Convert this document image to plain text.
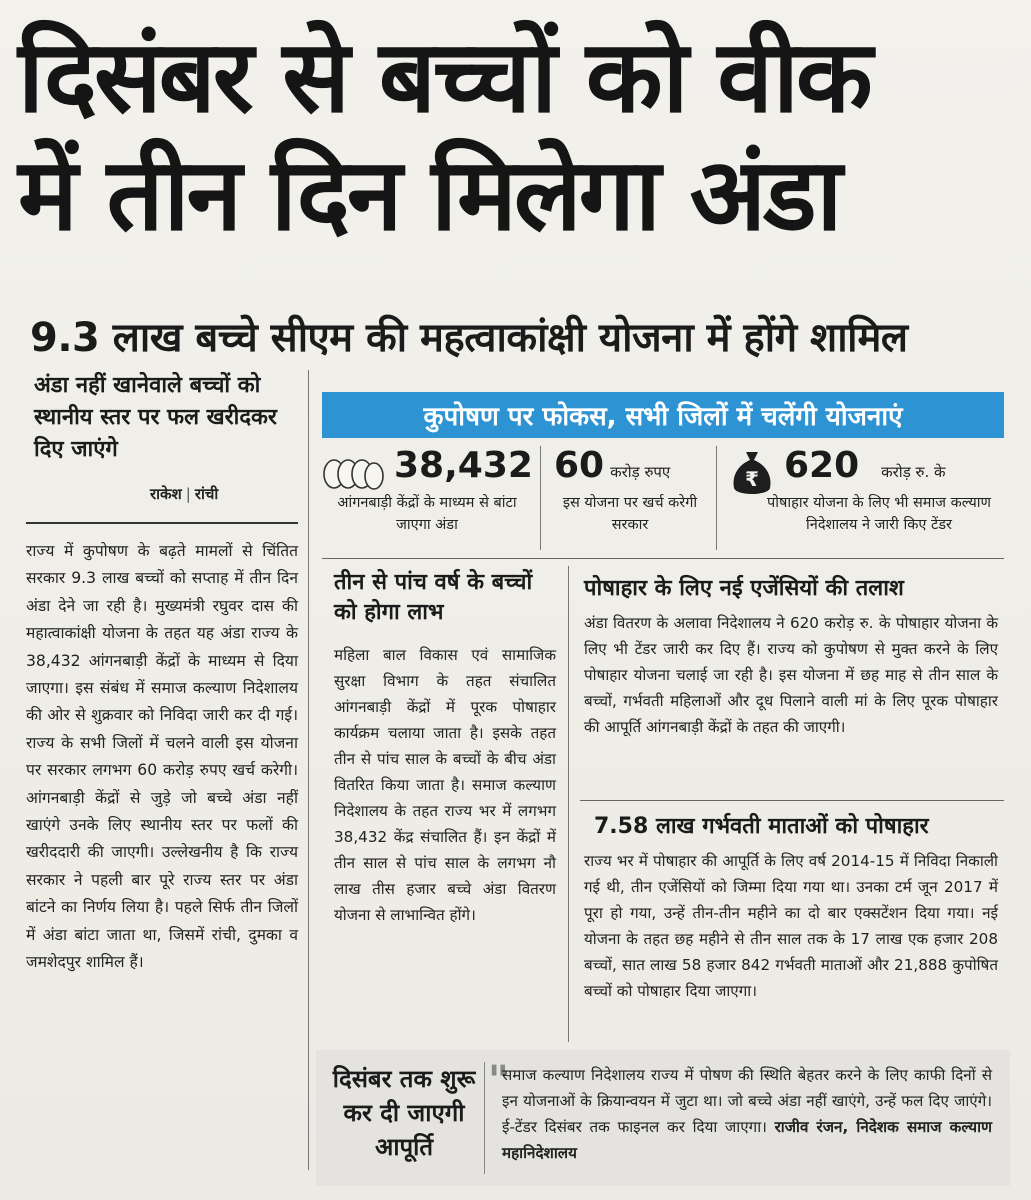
दिसंबर से बच्चों को वीक
में तीन दिन मिलेगा अंडा
9.3 लाख बच्चे सीएम की महत्वाकांक्षी योजना में होंगे शामिल
अंडा नहीं खानेवाले बच्चों को स्थानीय स्तर पर फल खरीदकर दिए जाएंगे
राकेश | रांची
राज्य में कुपोषण के बढ़ते मामलों से चिंतित सरकार 9.3 लाख बच्चों को सप्ताह में तीन दिन अंडा देने जा रही है। मुख्यमंत्री रघुवर दास की महात्वाकांक्षी योजना के तहत यह अंडा राज्य के 38,432 आंगनबाड़ी केंद्रों के माध्यम से दिया जाएगा। इस संबंध में समाज कल्याण निदेशालय की ओर से शुक्रवार को निविदा जारी कर दी गई। राज्य के सभी जिलों में चलने वाली इस योजना पर सरकार लगभग 60 करोड़ रुपए खर्च करेगी। आंगनबाड़ी केंद्रों से जुड़े जो बच्चे अंडा नहीं खाएंगे उनके लिए स्थानीय स्तर पर फलों की खरीददारी की जाएगी। उल्लेखनीय है कि राज्य सरकार ने पहली बार पूरे राज्य स्तर पर अंडा बांटने का निर्णय लिया है। पहले सिर्फ तीन जिलों में अंडा बांटा जाता था, जिसमें रांची, दुमका व जमशेदपुर शामिल हैं।
कुपोषण पर फोकस, सभी जिलों में चलेंगी योजनाएं
38,432
आंगनबाड़ी केंद्रों के माध्यम से बांटा जाएगा अंडा
60 करोड़ रुपए
इस योजना पर खर्च करेगी सरकार
₹ 620 करोड़ रु. के
पोषाहार योजना के लिए भी समाज कल्याण निदेशालय ने जारी किए टेंडर
तीन से पांच वर्ष के बच्चों को होगा लाभ
महिला बाल विकास एवं सामाजिक सुरक्षा विभाग के तहत संचालित आंगनबाड़ी केंद्रों में पूरक पोषाहार कार्यक्रम चलाया जाता है। इसके तहत तीन से पांच साल के बच्चों के बीच अंडा वितरित किया जाता है। समाज कल्याण निदेशालय के तहत राज्य भर में लगभग 38,432 केंद्र संचालित हैं। इन केंद्रों में तीन साल से पांच साल के लगभग नौ लाख तीस हजार बच्चे अंडा वितरण योजना से लाभान्वित होंगे।
पोषाहार के लिए नई एजेंसियों की तलाश
अंडा वितरण के अलावा निदेशालय ने 620 करोड़ रु. के पोषाहार योजना के लिए भी टेंडर जारी कर दिए हैं। राज्य को कुपोषण से मुक्त करने के लिए पोषाहार योजना चलाई जा रही है। इस योजना में छह माह से तीन साल के बच्चों, गर्भवती महिलाओं और दूध पिलाने वाली मां के लिए पूरक पोषाहार की आपूर्ति आंगनबाड़ी केंद्रों के तहत की जाएगी।
7.58 लाख गर्भवती माताओं को पोषाहार
राज्य भर में पोषाहार की आपूर्ति के लिए वर्ष 2014-15 में निविदा निकाली गई थी, तीन एजेंसियों को जिम्मा दिया गया था। उनका टर्म जून 2017 में पूरा हो गया, उन्हें तीन-तीन महीने का दो बार एक्सटेंशन दिया गया। नई योजना के तहत छह महीने से तीन साल तक के 17 लाख एक हजार 208 बच्चों, सात लाख 58 हजार 842 गर्भवती माताओं और 21,888 कुपोषित बच्चों को पोषाहार दिया जाएगा।
दिसंबर तक शुरू कर दी जाएगी आपूर्ति
"
समाज कल्याण निदेशालय राज्य में पोषण की स्थिति बेहतर करने के लिए काफी दिनों से इन योजनाओं के क्रियान्वयन में जुटा था। जो बच्चे अंडा नहीं खाएंगे, उन्हें फल दिए जाएंगे। ई-टेंडर दिसंबर तक फाइनल कर दिया जाएगा। राजीव रंजन, निदेशक समाज कल्याण महानिदेशालय
